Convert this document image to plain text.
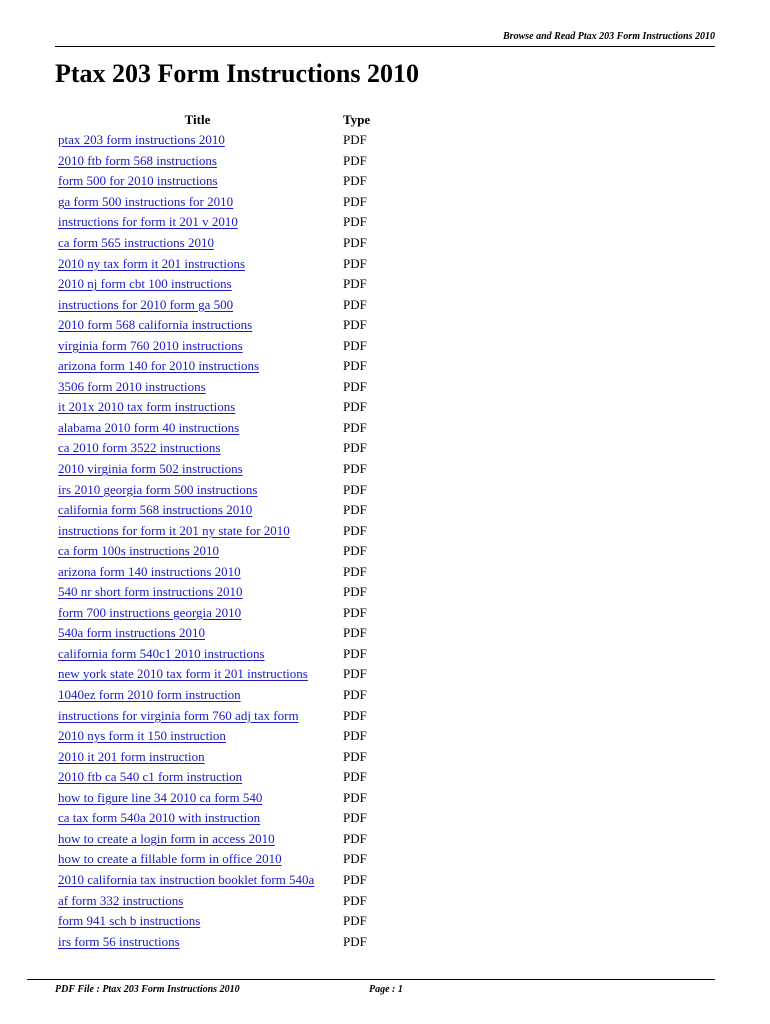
Browse and Read Ptax 203 Form Instructions 2010
Ptax 203 Form Instructions 2010
Title	Type
ptax 203 form instructions 2010	PDF
2010 ftb form 568 instructions	PDF
form 500 for 2010 instructions	PDF
ga form 500 instructions for 2010	PDF
instructions for form it 201 v 2010	PDF
ca form 565 instructions 2010	PDF
2010 ny tax form it 201 instructions	PDF
2010 nj form cbt 100 instructions	PDF
instructions for 2010 form ga 500	PDF
2010 form 568 california instructions	PDF
virginia form 760 2010 instructions	PDF
arizona form 140 for 2010 instructions	PDF
3506 form 2010 instructions	PDF
it 201x 2010 tax form instructions	PDF
alabama 2010 form 40 instructions	PDF
ca 2010 form 3522 instructions	PDF
2010 virginia form 502 instructions	PDF
irs 2010 georgia form 500 instructions	PDF
california form 568 instructions 2010	PDF
instructions for form it 201 ny state for 2010	PDF
ca form 100s instructions 2010	PDF
arizona form 140 instructions 2010	PDF
540 nr short form instructions 2010	PDF
form 700 instructions georgia 2010	PDF
540a form instructions 2010	PDF
california form 540c1 2010 instructions	PDF
new york state 2010 tax form it 201 instructions	PDF
1040ez form 2010 form instruction	PDF
instructions for virginia form 760 adj tax form	PDF
2010 nys form it 150 instruction	PDF
2010 it 201 form instruction	PDF
2010 ftb ca 540 c1 form instruction	PDF
how to figure line 34 2010 ca form 540	PDF
ca tax form 540a 2010 with instruction	PDF
how to create a login form in access 2010	PDF
how to create a fillable form in office 2010	PDF
2010 california tax instruction booklet form 540a	PDF
af form 332 instructions	PDF
form 941 sch b instructions	PDF
irs form 56 instructions	PDF
PDF File : Ptax 203 Form Instructions 2010	Page : 1
